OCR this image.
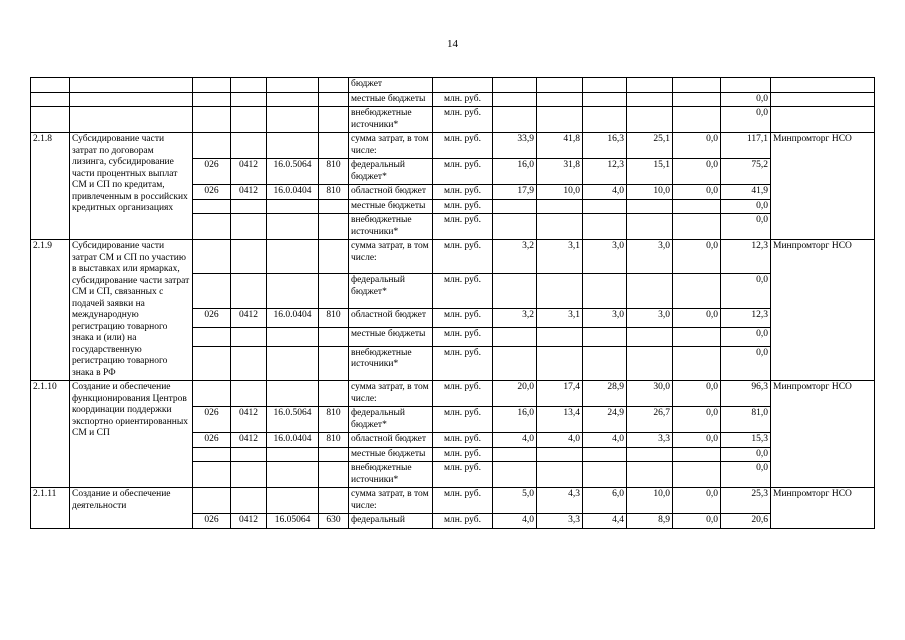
14
						бюджет								
						местные бюджеты	млн. руб.						0,0	
						внебюджетные источники*	млн. руб.						0,0	
2.1.8	Субсидирование части затрат по договорам лизинга, субсидирование части процентных выплат СМ и СП по кредитам, привлеченным в российских кредитных организациях					сумма затрат, в том числе:	млн. руб.	33,9	41,8	16,3	25,1	0,0	117,1	Минпромторг НСО
		026	0412	16.0.5064	810	федеральный бюджет*	млн. руб.	16,0	31,8	12,3	15,1	0,0	75,2	
		026	0412	16.0.0404	810	областной бюджет	млн. руб.	17,9	10,0	4,0	10,0	0,0	41,9	
						местные бюджеты	млн. руб.						0,0	
						внебюджетные источники*	млн. руб.						0,0	
2.1.9	Субсидирование части затрат СМ и СП по участию в выставках или ярмарках, субсидирование части затрат СМ и СП, связанных с подачей заявки на международную регистрацию товарного знака и (или) на государственную регистрацию товарного знака в РФ					сумма затрат, в том числе:	млн. руб.	3,2	3,1	3,0	3,0	0,0	12,3	Минпромторг НСО
						федеральный бюджет*	млн. руб.						0,0	
		026	0412	16.0.0404	810	областной бюджет	млн. руб.	3,2	3,1	3,0	3,0	0,0	12,3	
						местные бюджеты	млн. руб.						0,0	
						внебюджетные источники*	млн. руб.						0,0	
2.1.10	Создание и обеспечение функционирования Центров координации поддержки экспортно ориентированных СМ и СП					сумма затрат, в том числе:	млн. руб.	20,0	17,4	28,9	30,0	0,0	96,3	Минпромторг НСО
		026	0412	16.0.5064	810	федеральный бюджет*	млн. руб.	16,0	13,4	24,9	26,7	0,0	81,0	
		026	0412	16.0.0404	810	областной бюджет	млн. руб.	4,0	4,0	4,0	3,3	0,0	15,3	
						местные бюджеты	млн. руб.						0,0	
						внебюджетные источники*	млн. руб.						0,0	
2.1.11	Создание и обеспечение деятельности					сумма затрат, в том числе:	млн. руб.	5,0	4,3	6,0	10,0	0,0	25,3	Минпромторг НСО
		026	0412	16.05064	630	федеральный	млн. руб.	4,0	3,3	4,4	8,9	0,0	20,6	
